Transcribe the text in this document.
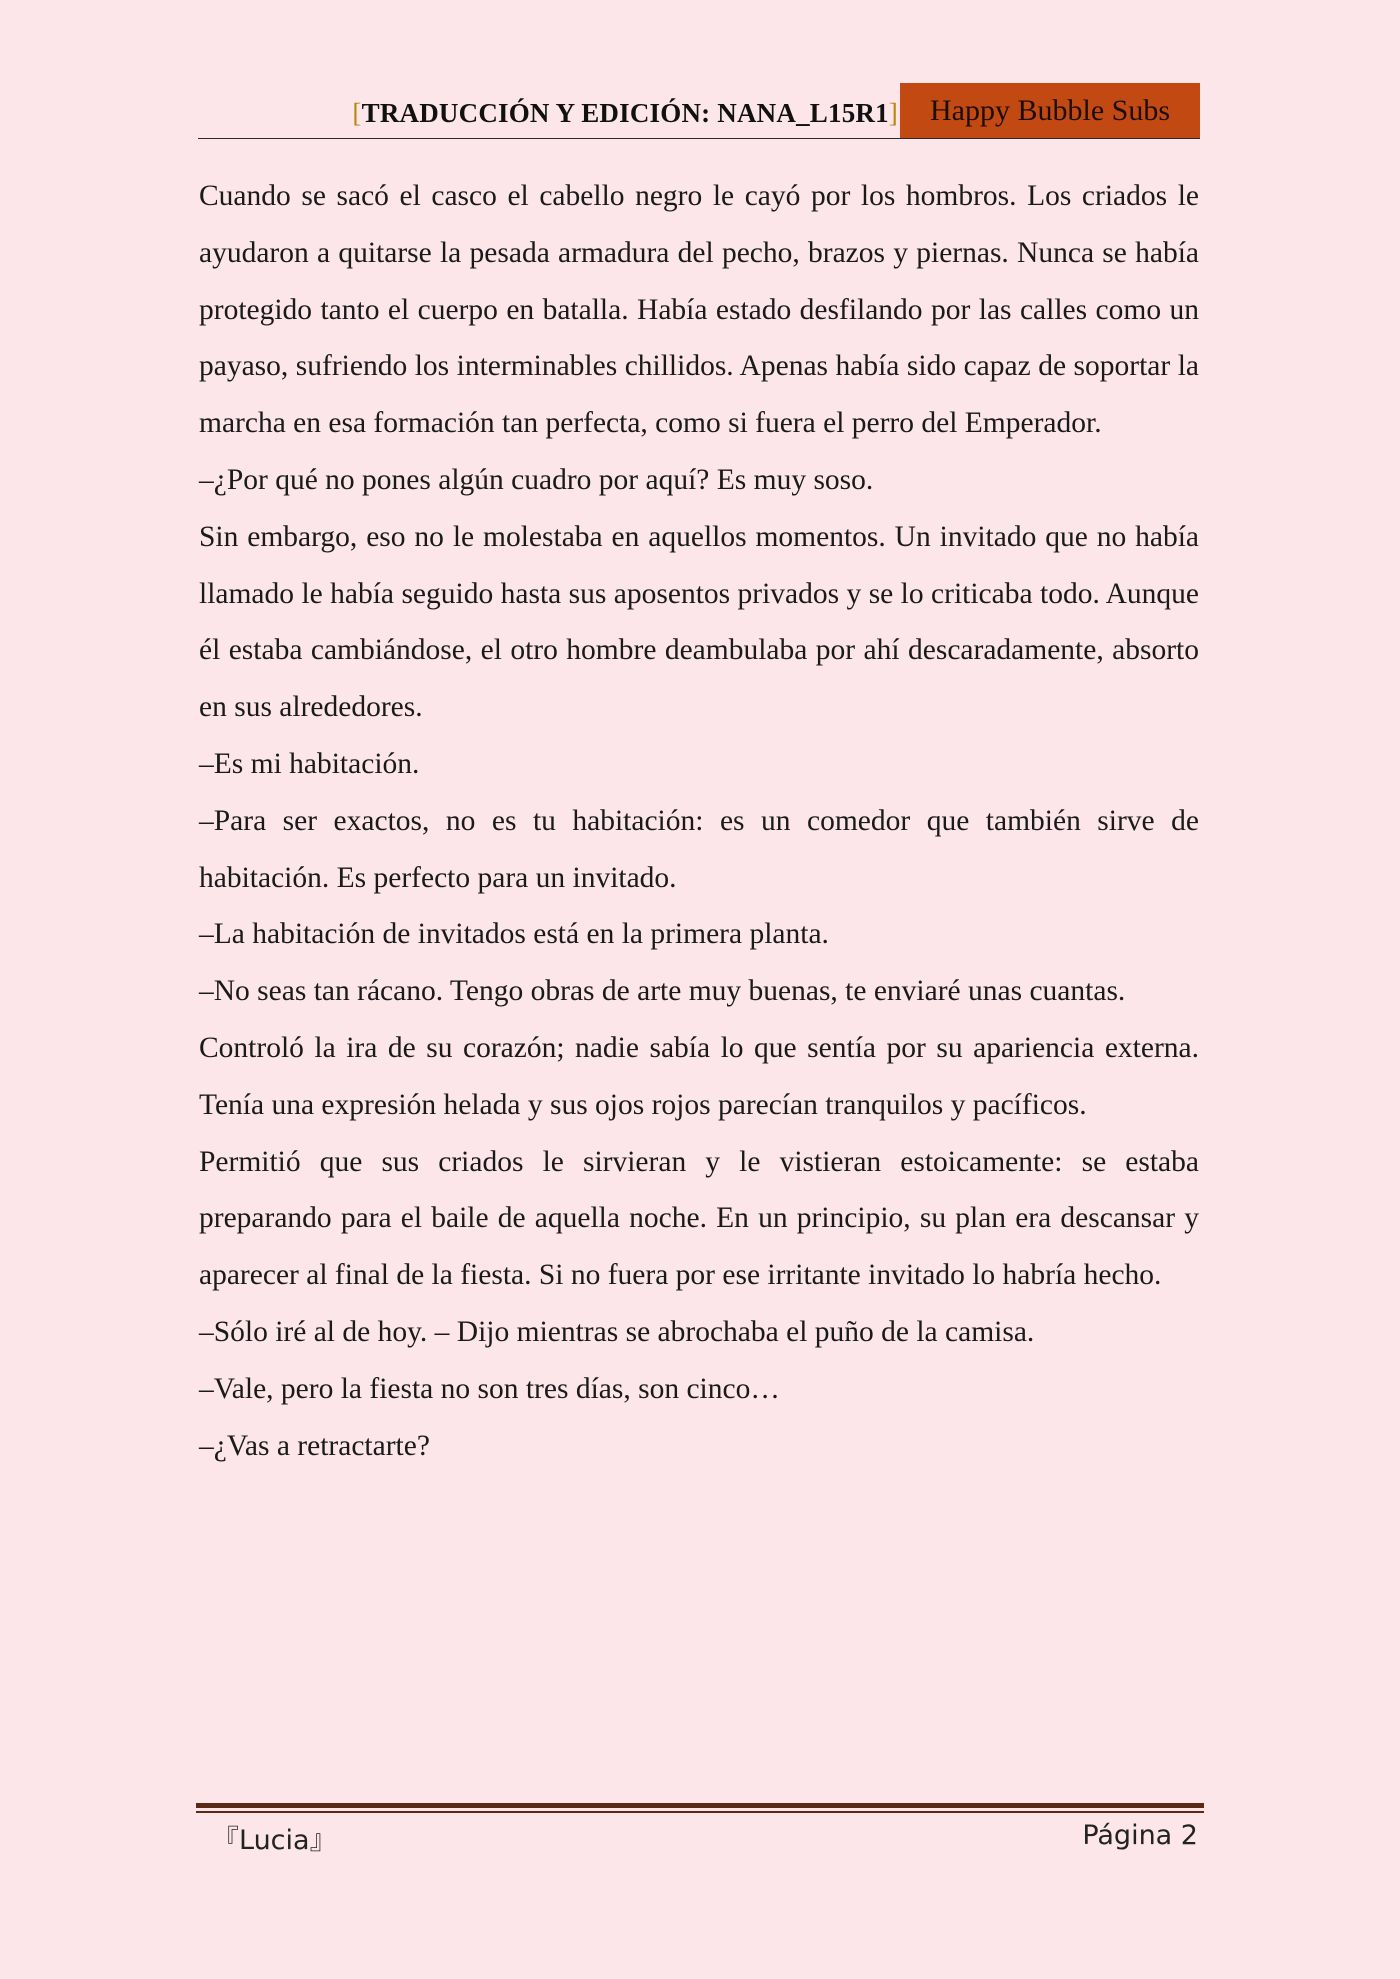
[TRADUCCIÓN Y EDICIÓN: NANA_L15R1]	Happy Bubble Subs

Cuando se sacó el casco el cabello negro le cayó por los hombros. Los criados le ayudaron a quitarse la pesada armadura del pecho, brazos y piernas. Nunca se había protegido tanto el cuerpo en batalla. Había estado desfilando por las calles como un payaso, sufriendo los interminables chillidos. Apenas había sido capaz de soportar la marcha en esa formación tan perfecta, como si fuera el perro del Emperador.

–¿Por qué no pones algún cuadro por aquí? Es muy soso.

Sin embargo, eso no le molestaba en aquellos momentos. Un invitado que no había llamado le había seguido hasta sus aposentos privados y se lo criticaba todo. Aunque él estaba cambiándose, el otro hombre deambulaba por ahí descaradamente, absorto en sus alrededores.

–Es mi habitación.

–Para ser exactos, no es tu habitación: es un comedor que también sirve de habitación. Es perfecto para un invitado.

–La habitación de invitados está en la primera planta.

–No seas tan rácano. Tengo obras de arte muy buenas, te enviaré unas cuantas.

Controló la ira de su corazón; nadie sabía lo que sentía por su apariencia externa. Tenía una expresión helada y sus ojos rojos parecían tranquilos y pacíficos.

Permitió que sus criados le sirvieran y le vistieran estoicamente: se estaba preparando para el baile de aquella noche. En un principio, su plan era descansar y aparecer al final de la fiesta. Si no fuera por ese irritante invitado lo habría hecho.

–Sólo iré al de hoy. – Dijo mientras se abrochaba el puño de la camisa.

–Vale, pero la fiesta no son tres días, son cinco…

–¿Vas a retractarte?

『Lucia』	Página 2
